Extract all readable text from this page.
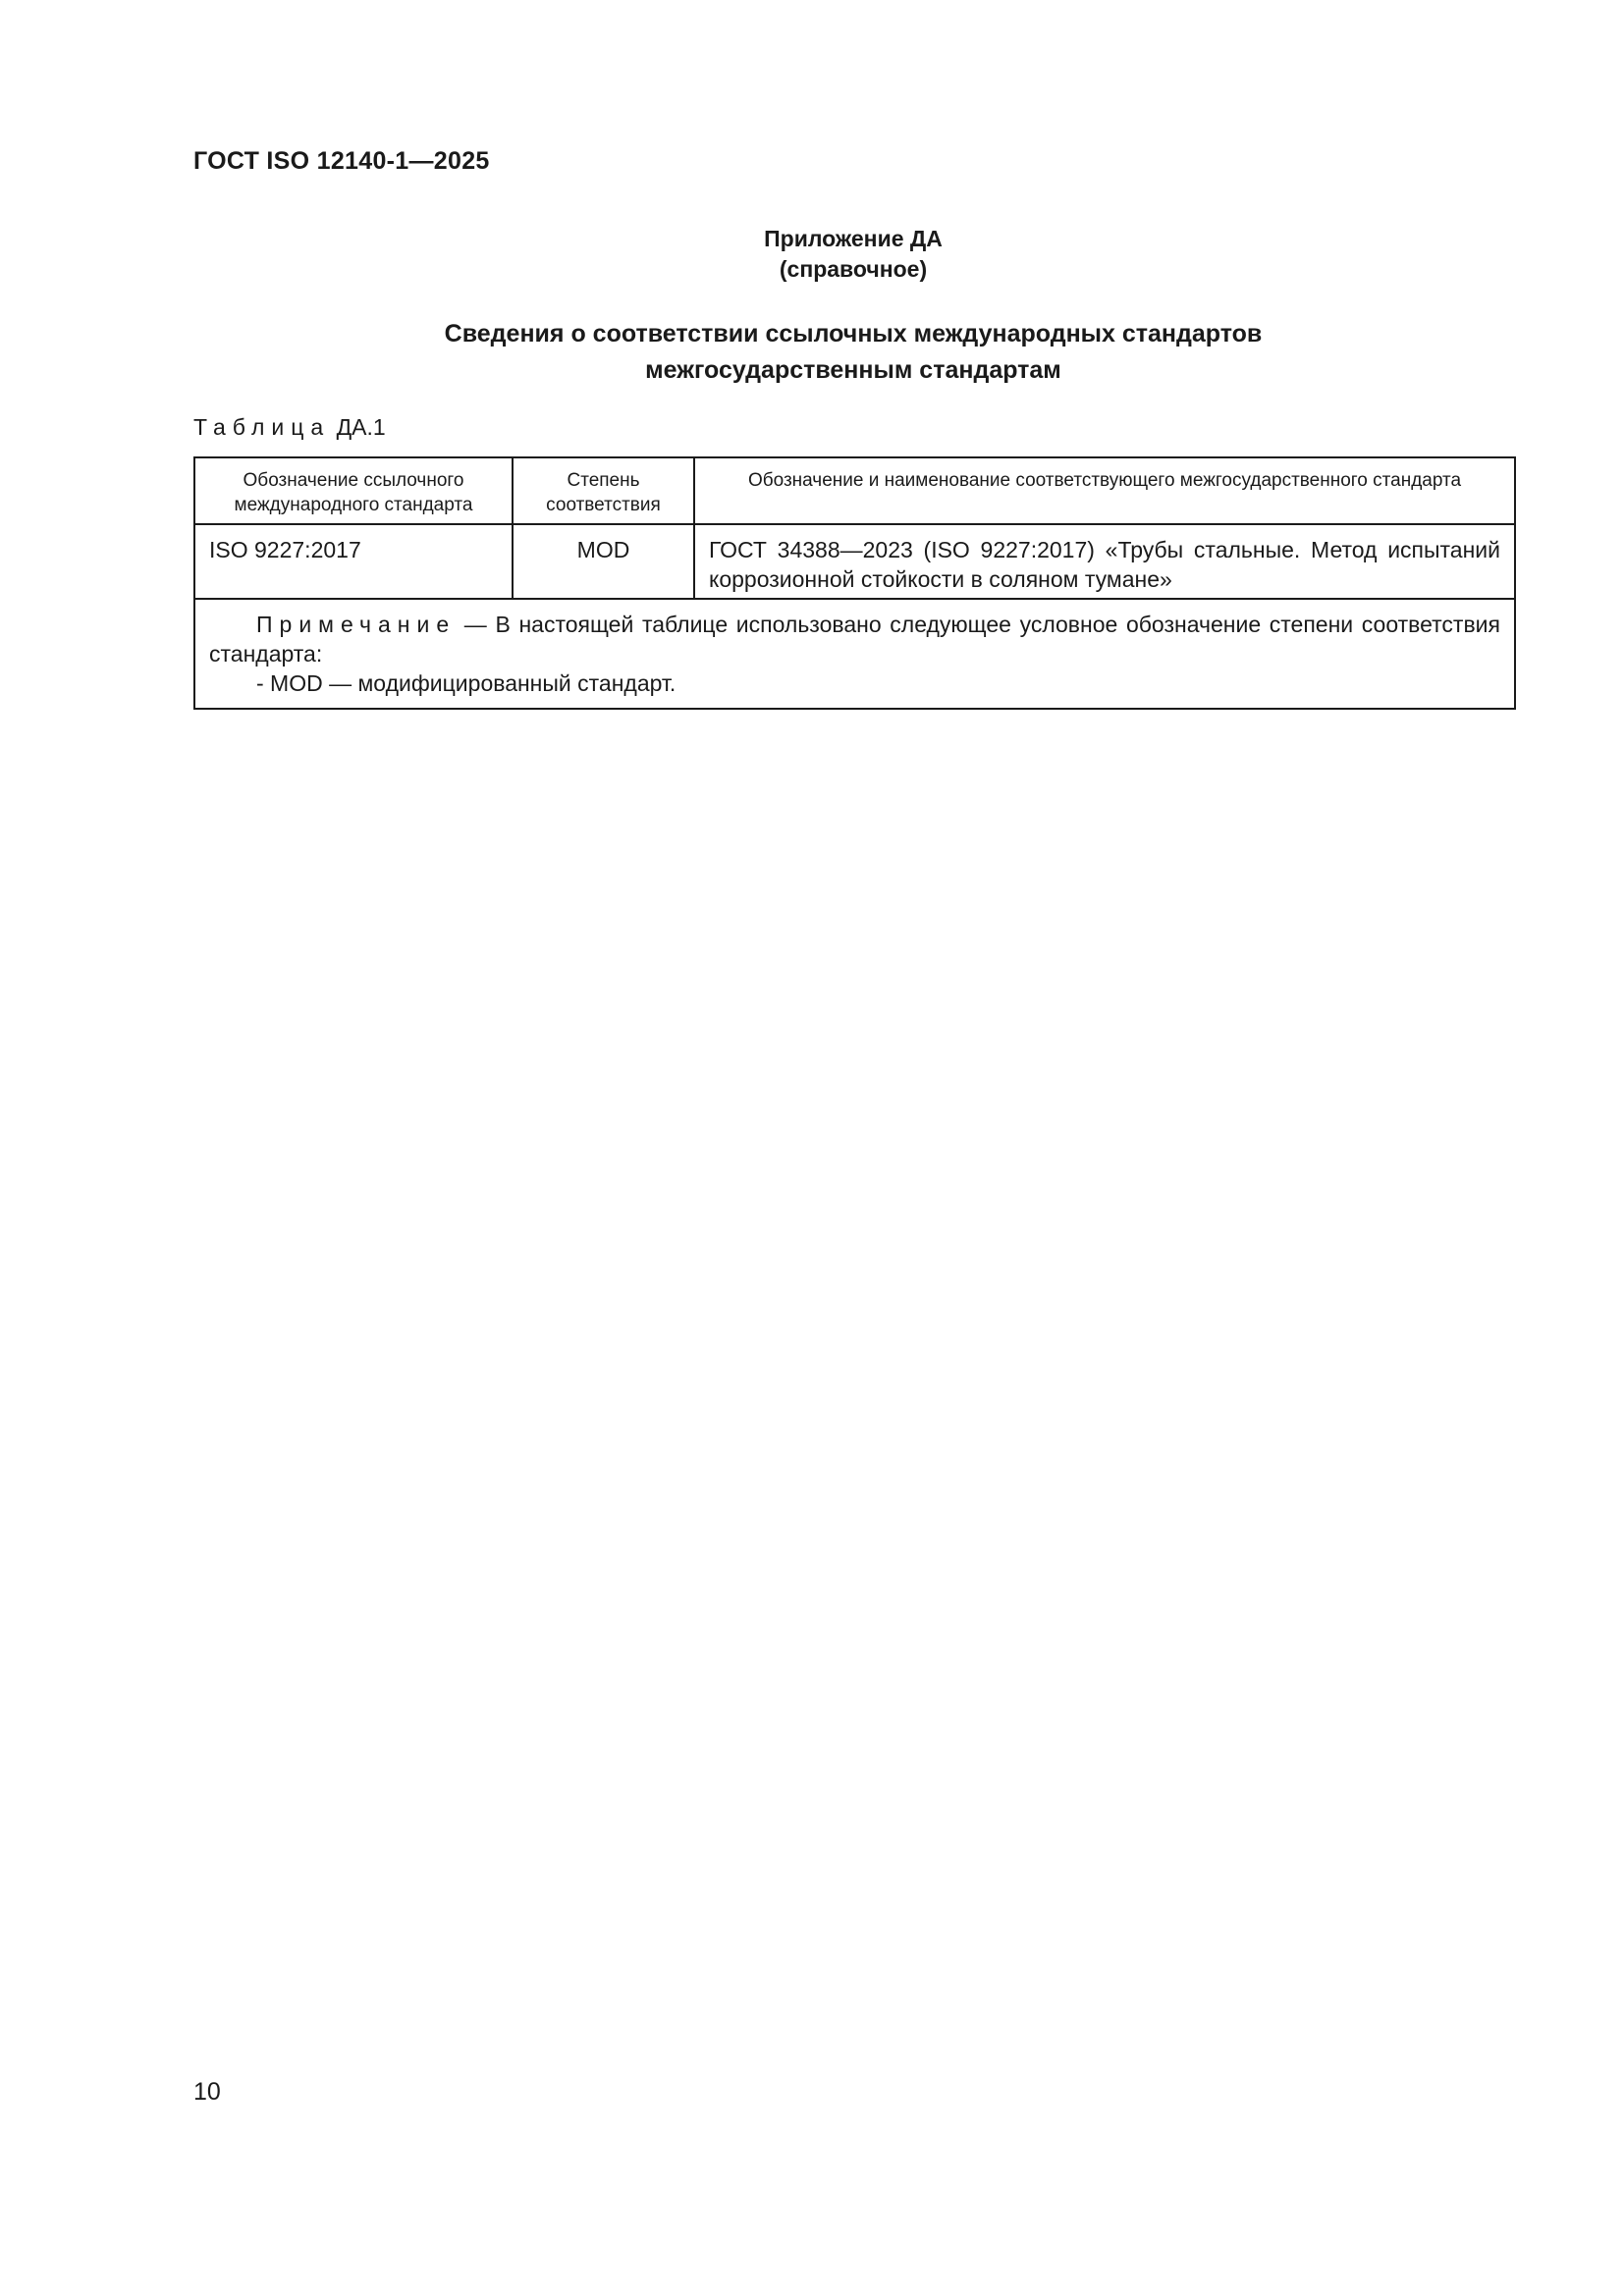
ГОСТ ISO 12140-1—2025
Приложение ДА
(справочное)
Сведения о соответствии ссылочных международных стандартов
межгосударственным стандартам
Таблица ДА.1
Обозначение ссылочного международного стандарта	Степень соответствия	Обозначение и наименование соответствующего межгосударственного стандарта
ISO 9227:2017	MOD	ГОСТ 34388—2023 (ISO 9227:2017) «Трубы стальные. Метод испытаний коррозионной стойкости в соляном тумане»
Примечание — В настоящей таблице использовано следующее условное обозначение степени соответствия стандарта:
- MOD — модифицированный стандарт.		
10
